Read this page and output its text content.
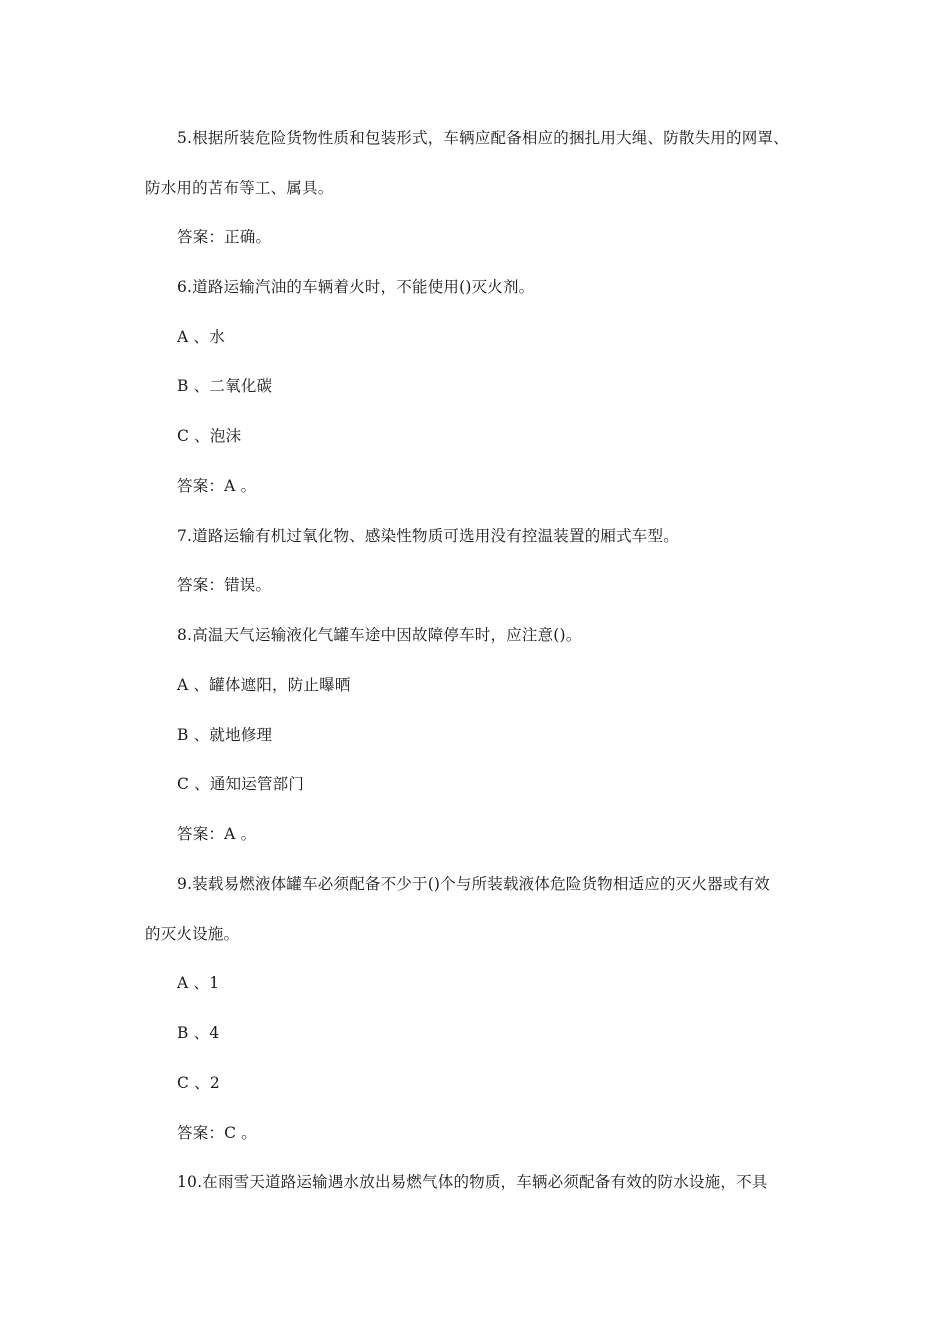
5.根据所装危险货物性质和包装形式，车辆应配备相应的捆扎用大绳、防散失用的网罩、
防水用的苫布等工、属具。
答案：正确。
6.道路运输汽油的车辆着火时，不能使用()灭火剂。
A 、水
B 、二氧化碳
C 、泡沫
答案：A 。
7.道路运输有机过氧化物、感染性物质可选用没有控温装置的厢式车型。
答案：错误。
8.高温天气运输液化气罐车途中因故障停车时，应注意()。
A 、罐体遮阳，防止曝晒
B 、就地修理
C 、通知运管部门
答案：A 。
9.装载易燃液体罐车必须配备不少于()个与所装载液体危险货物相适应的灭火器或有效
的灭火设施。
A 、1
B 、4
C 、2
答案：C 。
10.在雨雪天道路运输遇水放出易燃气体的物质，车辆必须配备有效的防水设施，不具
